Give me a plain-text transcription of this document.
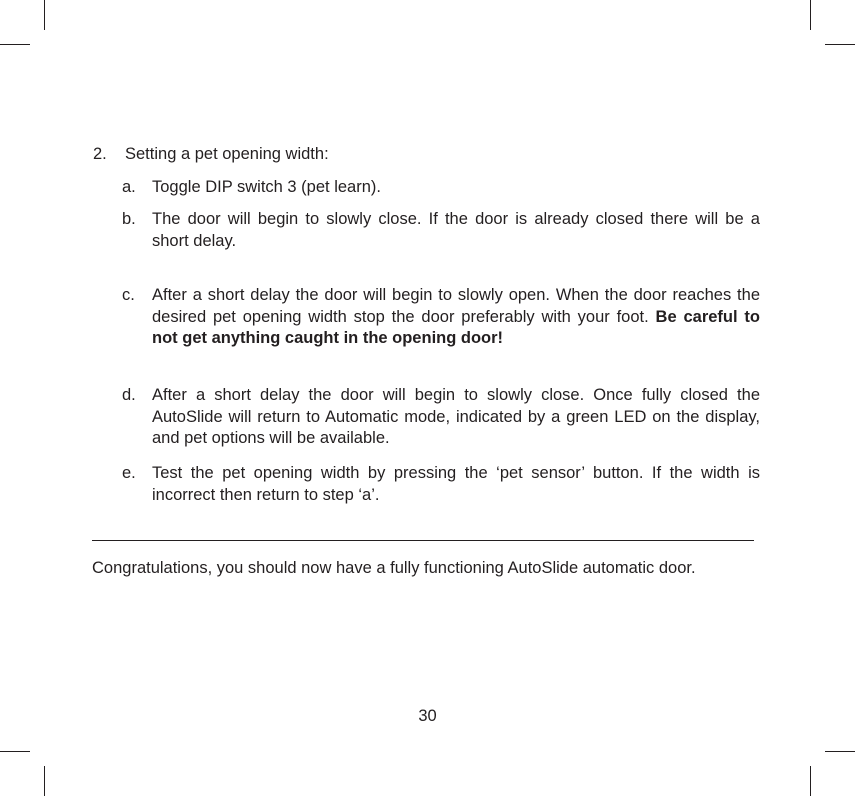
2. Setting a pet opening width:
a. Toggle DIP switch 3 (pet learn).
b. The door will begin to slowly close. If the door is already closed there will be a short delay.
c.	After a short delay the door will begin to slowly open. When the door reaches the desired pet opening width stop the door preferably with your foot. Be careful to not get anything caught in the opening door!
d. After a short delay the door will begin to slowly close. Once fully closed the AutoSlide will return to Automatic mode, indicated by a green LED on the display, and pet options will be available.
e. Test the pet opening width by pressing the ‘pet sensor’ button. If the width is incorrect then return to step ‘a’.
Congratulations, you should now have a fully functioning AutoSlide automatic door.
30
